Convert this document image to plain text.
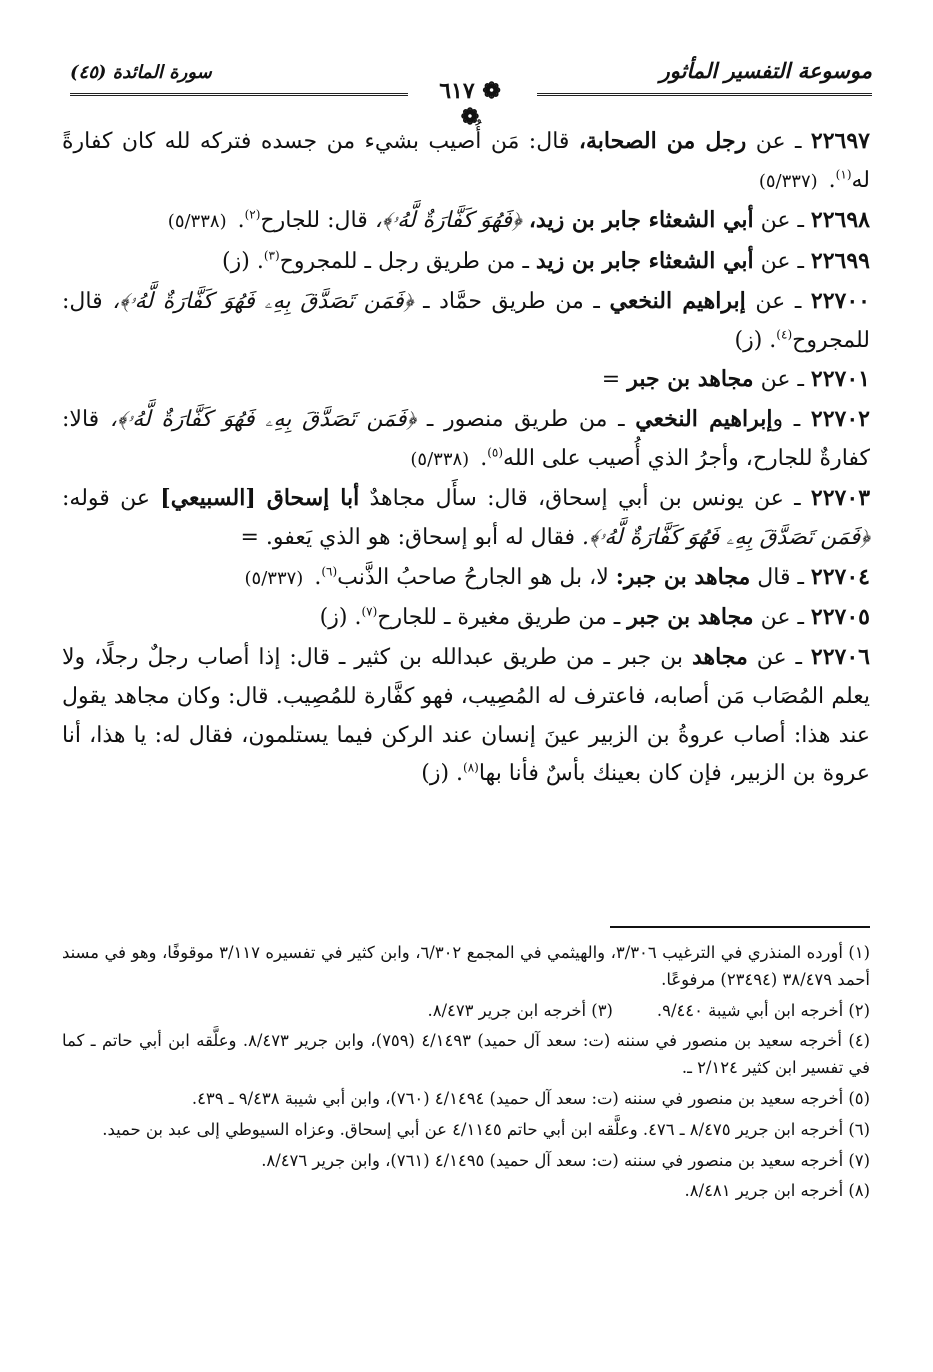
موسوعة التفسير المأثور
سورة المائدة (٤٥)
❁ ٦١٧ ❁

٢٢٦٩٧ ـ عن رجل من الصحابة، قال: مَن أُصيب بشيء من جسده فتركه لله كان كفارةً له$^{(١)}$. (٥/٣٣٧)

٢٢٦٩٨ ـ عن أبي الشعثاء جابر بن زيد، ﴿فَهُوَ كَفَّارَةٌ لَّهُۥ﴾، قال: للجارح$^{(٢)}$. (٥/٣٣٨)

٢٢٦٩٩ ـ عن أبي الشعثاء جابر بن زيد ـ من طريق رجل ـ للمجروح$^{(٣)}$. (ز)

٢٢٧٠٠ ـ عن إبراهيم النخعي ـ من طريق حمَّاد ـ ﴿فَمَن تَصَدَّقَ بِهِۦ فَهُوَ كَفَّارَةٌ لَّهُۥ﴾، قال: للمجروح$^{(٤)}$. (ز)

٢٢٧٠١ ـ عن مجاهد بن جبر =

٢٢٧٠٢ ـ وإبراهيم النخعي ـ من طريق منصور ـ ﴿فَمَن تَصَدَّقَ بِهِۦ فَهُوَ كَفَّارَةٌ لَّهُۥ﴾، قالا: كفارةٌ للجارح، وأجرُ الذي أُصيب على الله$^{(٥)}$. (٥/٣٣٨)

٢٢٧٠٣ ـ عن يونس بن أبي إسحاق، قال: سأَل مجاهدٌ أبا إسحاق [السبيعي] عن قوله: ﴿فَمَن تَصَدَّقَ بِهِۦ فَهُوَ كَفَّارَةٌ لَّهُۥ﴾. فقال له أبو إسحاق: هو الذي يَعفو. =

٢٢٧٠٤ ـ قال مجاهد بن جبر: لا، بل هو الجارحُ صاحبُ الذَّنب$^{(٦)}$. (٥/٣٣٧)

٢٢٧٠٥ ـ عن مجاهد بن جبر ـ من طريق مغيرة ـ للجارح$^{(٧)}$. (ز)

٢٢٧٠٦ ـ عن مجاهد بن جبر ـ من طريق عبدالله بن كثير ـ قال: إذا أصاب رجلٌ رجلًا، ولا يعلم المُصَاب مَن أصابه، فاعترف له المُصِيب، فهو كفَّارة للمُصِيب. قال: وكان مجاهد يقول عند هذا: أصاب عروةُ بن الزبير عينَ إنسان عند الركن فيما يستلمون، فقال له: يا هذا، أنا عروة بن الزبير، فإن كان بعينك بأسٌ فأنا بها$^{(٨)}$. (ز)

(١) أورده المنذري في الترغيب ٣/٣٠٦، والهيثمي في المجمع ٦/٣٠٢، وابن كثير في تفسيره ٣/١١٧ موقوفًا، وهو في مسند أحمد ٣٨/٤٧٩ (٢٣٤٩٤) مرفوعًا.

(٢) أخرجه ابن أبي شيبة ٩/٤٤٠.
(٣) أخرجه ابن جرير ٨/٤٧٣.

(٤) أخرجه سعيد بن منصور في سننه (ت: سعد آل حميد) ٤/١٤٩٣ (٧٥٩)، وابن جرير ٨/٤٧٣. وعلَّقه ابن أبي حاتم ـ كما في تفسير ابن كثير ٢/١٢٤ ـ.

(٥) أخرجه سعيد بن منصور في سننه (ت: سعد آل حميد) ٤/١٤٩٤ (٧٦٠)، وابن أبي شيبة ٩/٤٣٨ ـ ٤٣٩.

(٦) أخرجه ابن جرير ٨/٤٧٥ ـ ٤٧٦. وعلَّقه ابن أبي حاتم ٤/١١٤٥ عن أبي إسحاق. وعزاه السيوطي إلى عبد بن حميد.

(٧) أخرجه سعيد بن منصور في سننه (ت: سعد آل حميد) ٤/١٤٩٥ (٧٦١)، وابن جرير ٨/٤٧٦.

(٨) أخرجه ابن جرير ٨/٤٨١.
